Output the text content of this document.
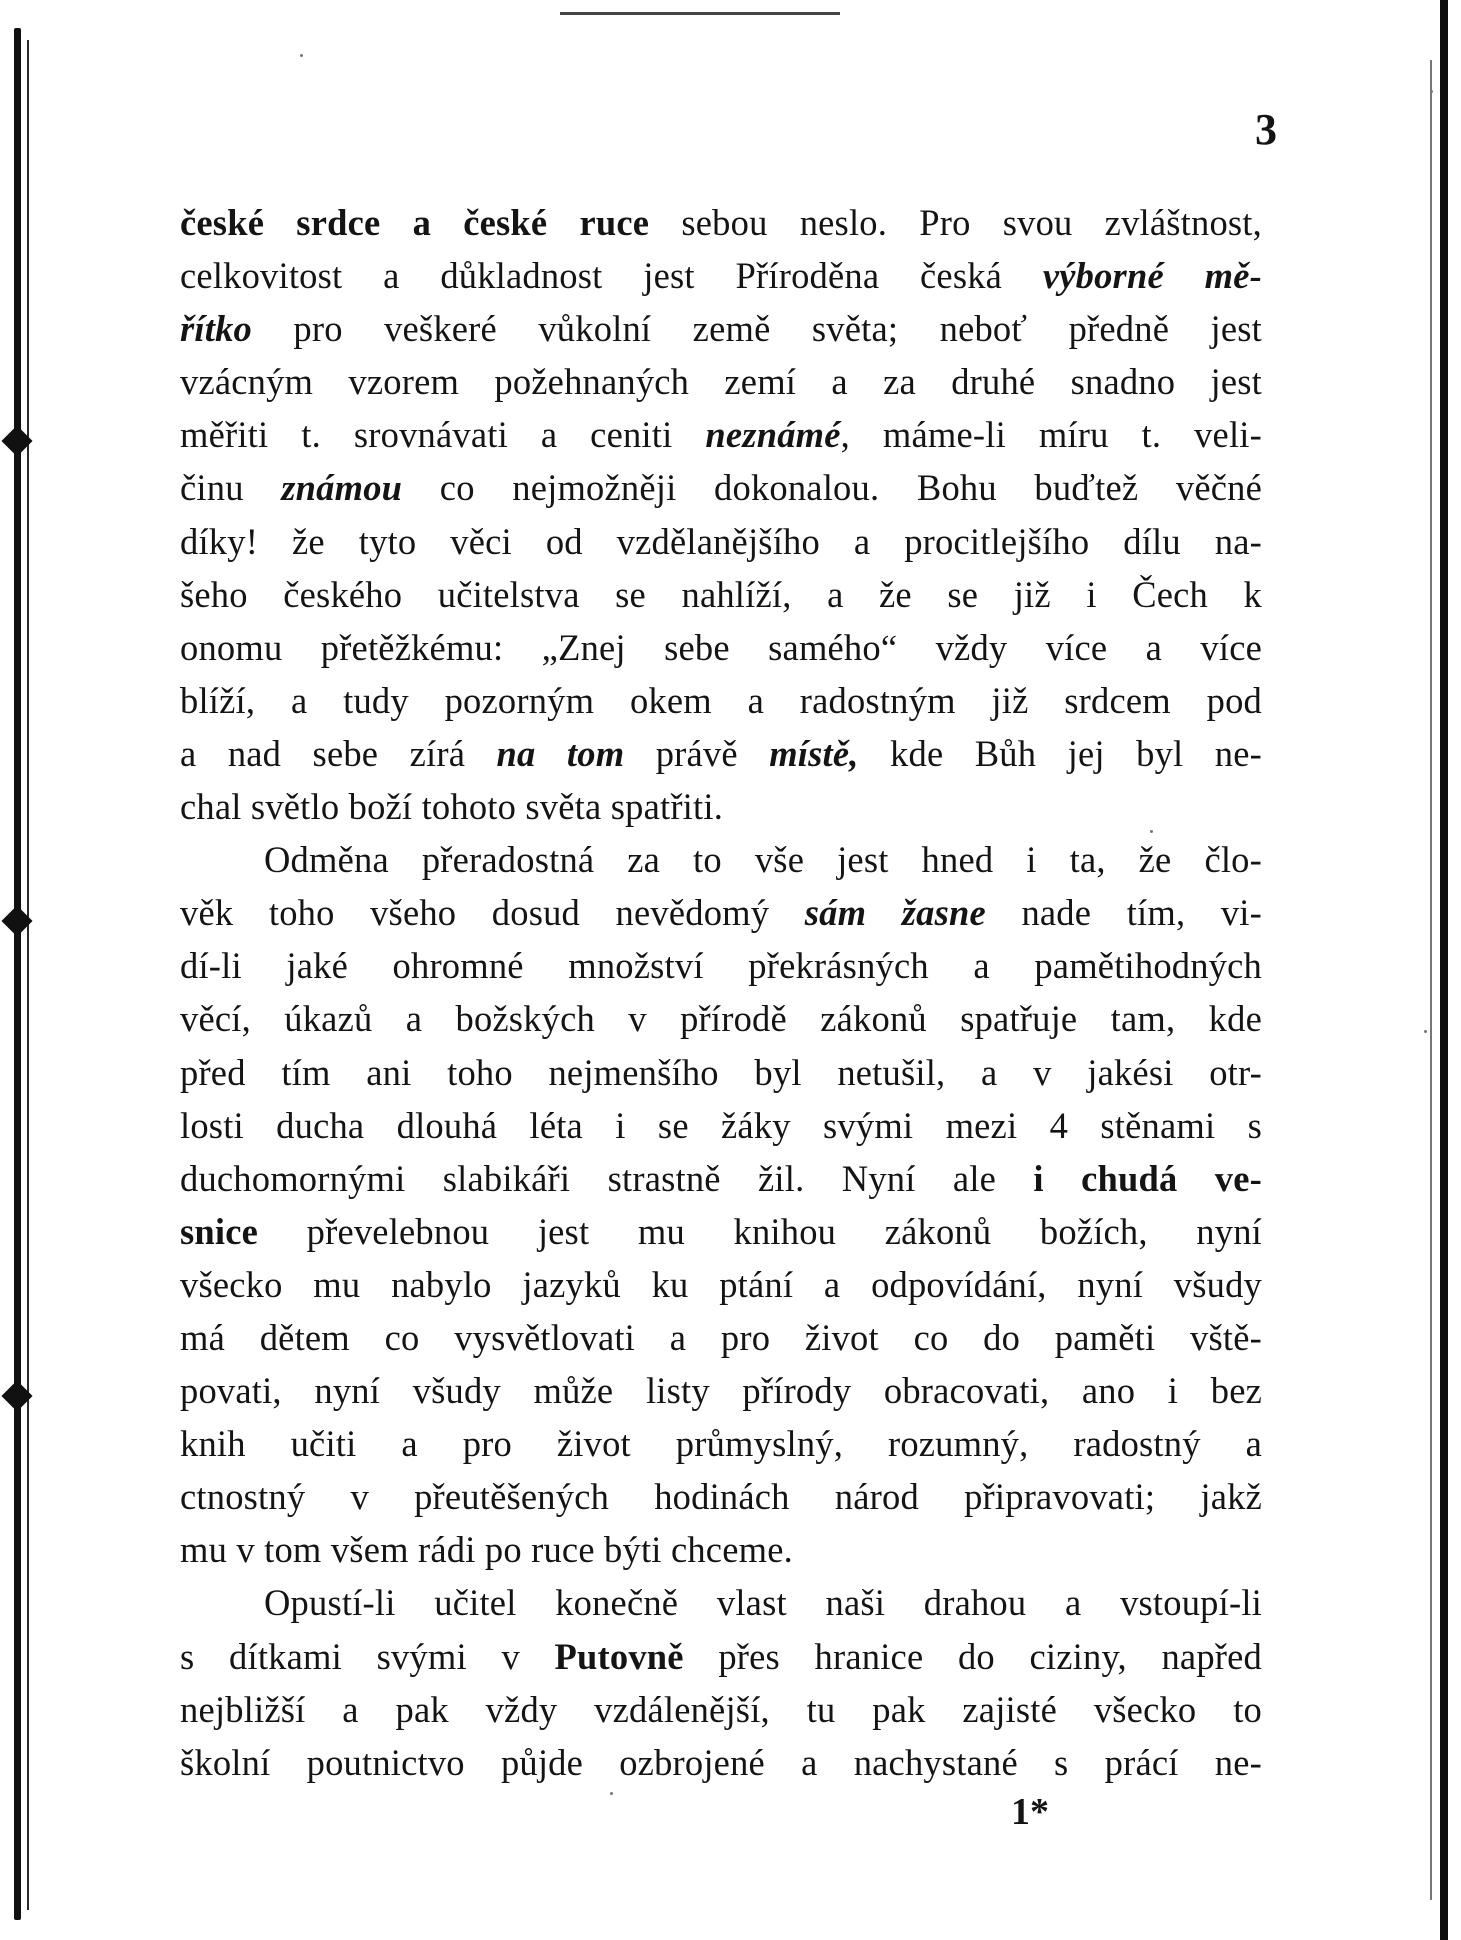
3
české srdce a české ruce sebou neslo. Pro svou zvláštnost,
celkovitost a důkladnost jest Příroděna česká výborné mě-
řítko pro veškeré vůkolní země světa; neboť předně jest
vzácným vzorem požehnaných zemí a za druhé snadno jest
měřiti t. srovnávati a ceniti neznámé, máme-li míru t. veli-
činu známou co nejmožněji dokonalou. Bohu buďtež věčné
díky! že tyto věci od vzdělanějšího a procitlejšího dílu na-
šeho českého učitelstva se nahlíží, a že se již i Čech k
onomu přetěžkému: „Znej sebe samého“ vždy více a více
blíží, a tudy pozorným okem a radostným již srdcem pod
a nad sebe zírá na tom právě místě, kde Bůh jej byl ne-
chal světlo boží tohoto světa spatřiti.
Odměna přeradostná za to vše jest hned i ta, že člo-
věk toho všeho dosud nevědomý sám žasne nade tím, vi-
dí-li jaké ohromné množství překrásných a pamětihodných
věcí, úkazů a božských v přírodě zákonů spatřuje tam, kde
před tím ani toho nejmenšího byl netušil, a v jakési otr-
losti ducha dlouhá léta i se žáky svými mezi 4 stěnami s
duchomornými slabikáři strastně žil. Nyní ale i chudá ve-
snice převelebnou jest mu knihou zákonů božích, nyní
všecko mu nabylo jazyků ku ptání a odpovídání, nyní všudy
má dětem co vysvětlovati a pro život co do paměti vště-
povati, nyní všudy může listy přírody obracovati, ano i bez
knih učiti a pro život průmyslný, rozumný, radostný a
ctnostný v přeutěšených hodinách národ připravovati; jakž
mu v tom všem rádi po ruce býti chceme.
Opustí-li učitel konečně vlast naši drahou a vstoupí-li
s dítkami svými v Putovně přes hranice do ciziny, napřed
nejbližší a pak vždy vzdálenější, tu pak zajisté všecko to
školní poutnictvo půjde ozbrojené a nachystané s prácí ne-
1*
